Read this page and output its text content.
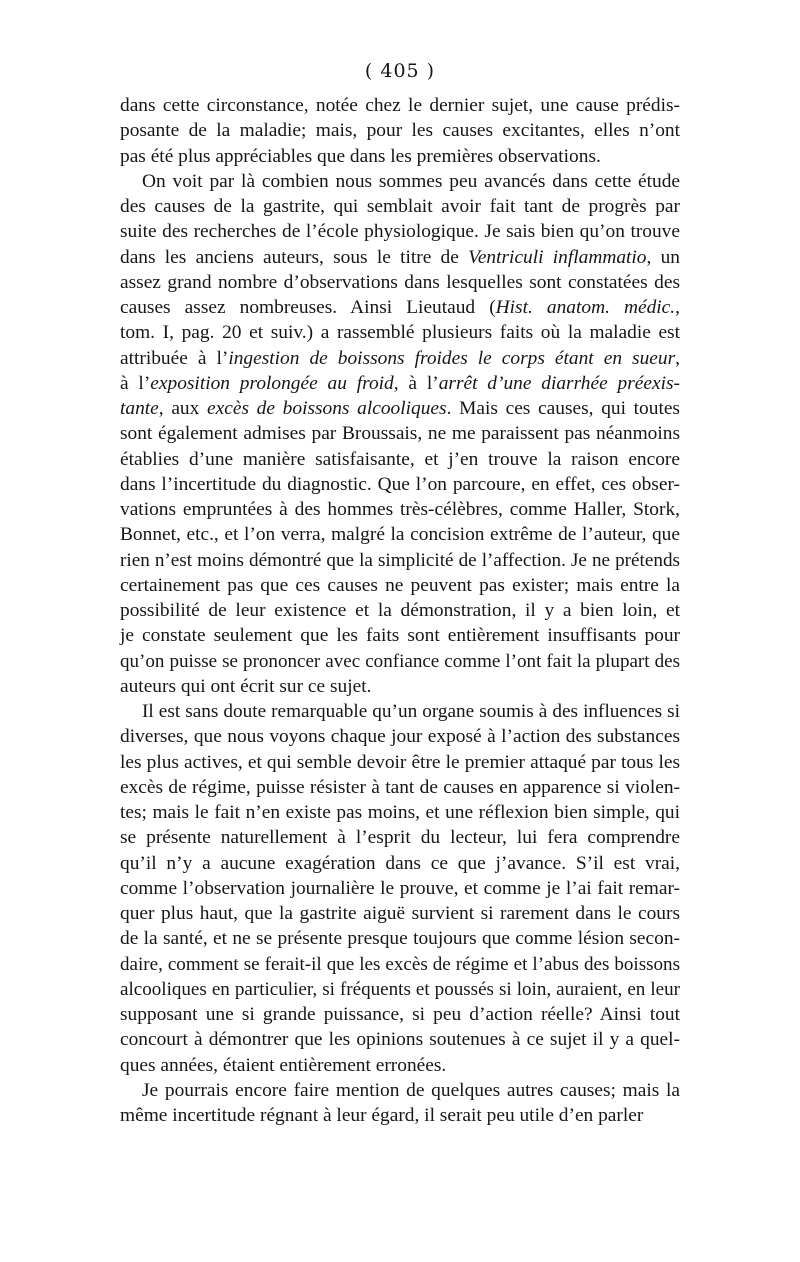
( 405 )
dans cette circonstance, notée chez le dernier sujet, une cause prédis-
posante de la maladie; mais, pour les causes excitantes, elles n’ont
pas été plus appréciables que dans les premières observations.
On voit par là combien nous sommes peu avancés dans cette étude
des causes de la gastrite, qui semblait avoir fait tant de progrès par
suite des recherches de l’école physiologique. Je sais bien qu’on trouve
dans les anciens auteurs, sous le titre de Ventriculi inflammatio, un
assez grand nombre d’observations dans lesquelles sont constatées des
causes assez nombreuses. Ainsi Lieutaud (Hist. anatom. médic.,
tom. I, pag. 20 et suiv.) a rassemblé plusieurs faits où la maladie est
attribuée à l’ingestion de boissons froides le corps étant en sueur,
à l’exposition prolongée au froid, à l’arrêt d’une diarrhée préexis-
tante, aux excès de boissons alcooliques. Mais ces causes, qui toutes
sont également admises par Broussais, ne me paraissent pas néanmoins
établies d’une manière satisfaisante, et j’en trouve la raison encore
dans l’incertitude du diagnostic. Que l’on parcoure, en effet, ces obser-
vations empruntées à des hommes très-célèbres, comme Haller, Stork,
Bonnet, etc., et l’on verra, malgré la concision extrême de l’auteur, que
rien n’est moins démontré que la simplicité de l’affection. Je ne prétends
certainement pas que ces causes ne peuvent pas exister; mais entre la
possibilité de leur existence et la démonstration, il y a bien loin, et
je constate seulement que les faits sont entièrement insuffisants pour
qu’on puisse se prononcer avec confiance comme l’ont fait la plupart des
auteurs qui ont écrit sur ce sujet.
Il est sans doute remarquable qu’un organe soumis à des influences si
diverses, que nous voyons chaque jour exposé à l’action des substances
les plus actives, et qui semble devoir être le premier attaqué par tous les
excès de régime, puisse résister à tant de causes en apparence si violen-
tes; mais le fait n’en existe pas moins, et une réflexion bien simple, qui
se présente naturellement à l’esprit du lecteur, lui fera comprendre
qu’il n’y a aucune exagération dans ce que j’avance. S’il est vrai,
comme l’observation journalière le prouve, et comme je l’ai fait remar-
quer plus haut, que la gastrite aiguë survient si rarement dans le cours
de la santé, et ne se présente presque toujours que comme lésion secon-
daire, comment se ferait-il que les excès de régime et l’abus des boissons
alcooliques en particulier, si fréquents et poussés si loin, auraient, en leur
supposant une si grande puissance, si peu d’action réelle? Ainsi tout
concourt à démontrer que les opinions soutenues à ce sujet il y a quel-
ques années, étaient entièrement erronées.
Je pourrais encore faire mention de quelques autres causes; mais la
même incertitude régnant à leur égard, il serait peu utile d’en parler
